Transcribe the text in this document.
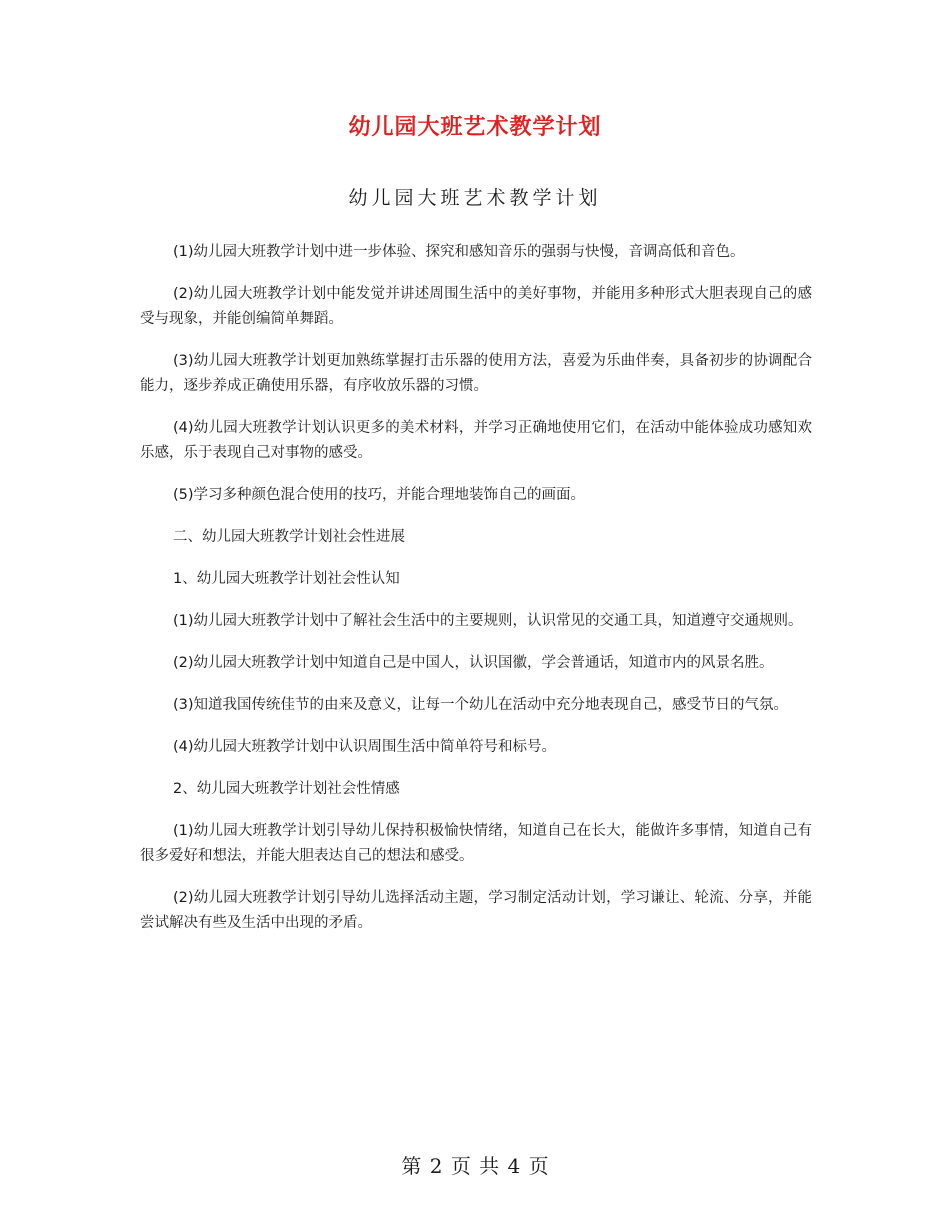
幼儿园大班艺术教学计划
幼儿园大班艺术教学计划

(1)幼儿园大班教学计划中进一步体验、探究和感知音乐的强弱与快慢，音调高低和音色。

(2)幼儿园大班教学计划中能发觉并讲述周围生活中的美好事物，并能用多种形式大胆表现自己的感受与现象，并能创编简单舞蹈。

(3)幼儿园大班教学计划更加熟练掌握打击乐器的使用方法，喜爱为乐曲伴奏，具备初步的协调配合能力，逐步养成正确使用乐器，有序收放乐器的习惯。

(4)幼儿园大班教学计划认识更多的美术材料，并学习正确地使用它们，在活动中能体验成功感知欢乐感，乐于表现自己对事物的感受。

(5)学习多种颜色混合使用的技巧，并能合理地装饰自己的画面。

二、幼儿园大班教学计划社会性进展

1、幼儿园大班教学计划社会性认知

(1)幼儿园大班教学计划中了解社会生活中的主要规则，认识常见的交通工具，知道遵守交通规则。

(2)幼儿园大班教学计划中知道自己是中国人，认识国徽，学会普通话，知道市内的风景名胜。

(3)知道我国传统佳节的由来及意义，让每一个幼儿在活动中充分地表现自己，感受节日的气氛。

(4)幼儿园大班教学计划中认识周围生活中简单符号和标号。

2、幼儿园大班教学计划社会性情感

(1)幼儿园大班教学计划引导幼儿保持积极愉快情绪，知道自己在长大，能做许多事情，知道自己有很多爱好和想法，并能大胆表达自己的想法和感受。

(2)幼儿园大班教学计划引导幼儿选择活动主题，学习制定活动计划，学习谦让、轮流、分享，并能尝试解决有些及生活中出现的矛盾。

第 2 页 共 4 页
